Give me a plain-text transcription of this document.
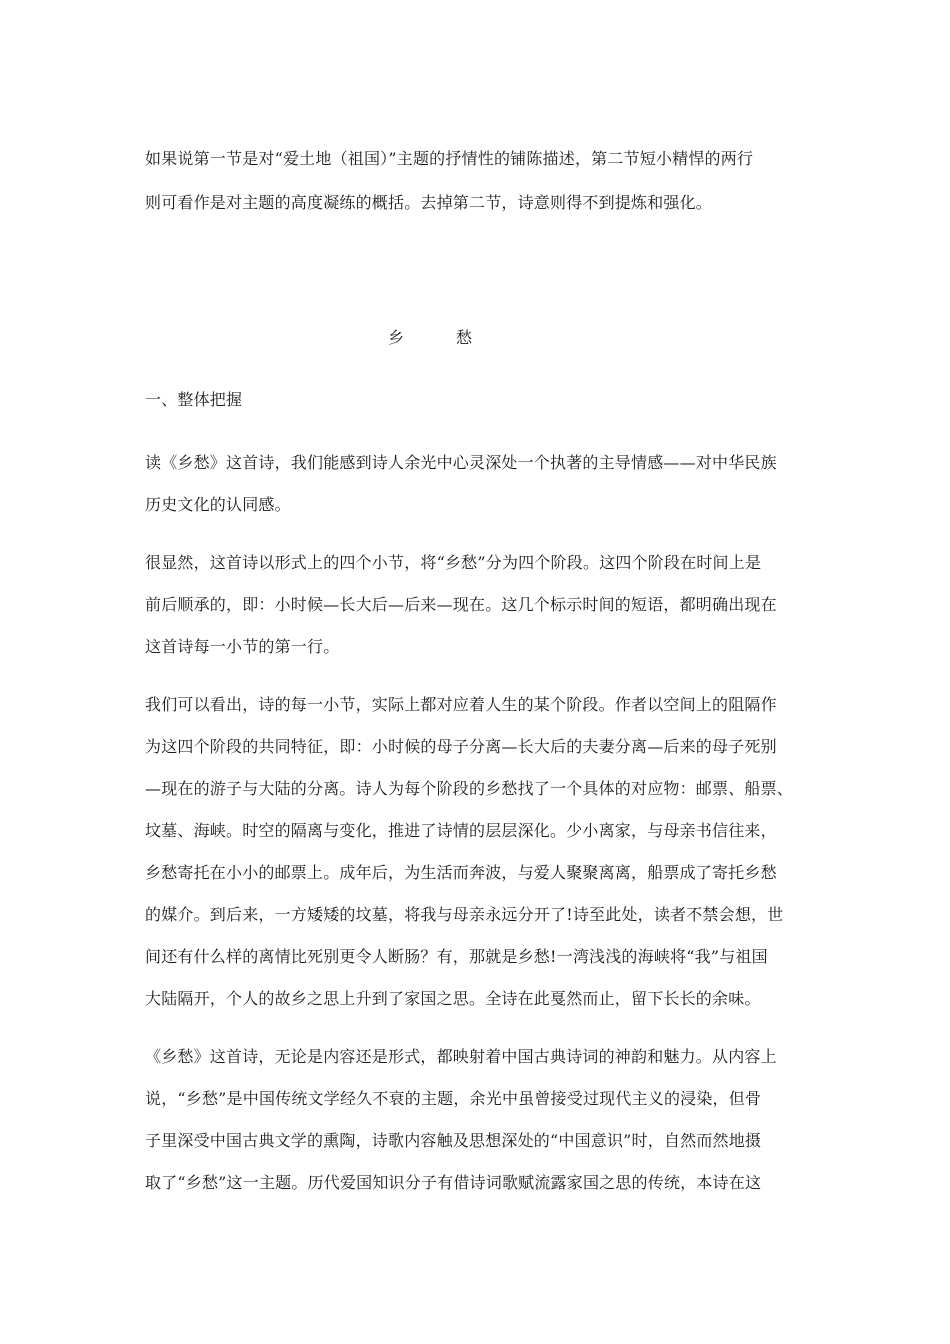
如果说第一节是对“爱土地（祖国）”主题的抒情性的铺陈描述，第二节短小精悍的两行
则可看作是对主题的高度凝练的概括。去掉第二节，诗意则得不到提炼和强化。
乡　愁
一、整体把握
读《乡愁》这首诗，我们能感到诗人余光中心灵深处一个执著的主导情感——对中华民族
历史文化的认同感。
很显然，这首诗以形式上的四个小节，将“乡愁”分为四个阶段。这四个阶段在时间上是
前后顺承的，即：小时候—长大后—后来—现在。这几个标示时间的短语，都明确出现在
这首诗每一小节的第一行。
我们可以看出，诗的每一小节，实际上都对应着人生的某个阶段。作者以空间上的阻隔作
为这四个阶段的共同特征，即：小时候的母子分离—长大后的夫妻分离—后来的母子死别
—现在的游子与大陆的分离。诗人为每个阶段的乡愁找了一个具体的对应物：邮票、船票、
坟墓、海峡。时空的隔离与变化，推进了诗情的层层深化。少小离家，与母亲书信往来，
乡愁寄托在小小的邮票上。成年后，为生活而奔波，与爱人聚聚离离，船票成了寄托乡愁
的媒介。到后来，一方矮矮的坟墓，将我与母亲永远分开了!诗至此处，读者不禁会想，世
间还有什么样的离情比死别更令人断肠？有，那就是乡愁!一湾浅浅的海峡将“我”与祖国
大陆隔开，个人的故乡之思上升到了家国之思。全诗在此戛然而止，留下长长的余味。
《乡愁》这首诗，无论是内容还是形式，都映射着中国古典诗词的神韵和魅力。从内容上
说，“乡愁”是中国传统文学经久不衰的主题，余光中虽曾接受过现代主义的浸染，但骨
子里深受中国古典文学的熏陶，诗歌内容触及思想深处的“中国意识”时，自然而然地摄
取了“乡愁”这一主题。历代爱国知识分子有借诗词歌赋流露家国之思的传统，本诗在这
